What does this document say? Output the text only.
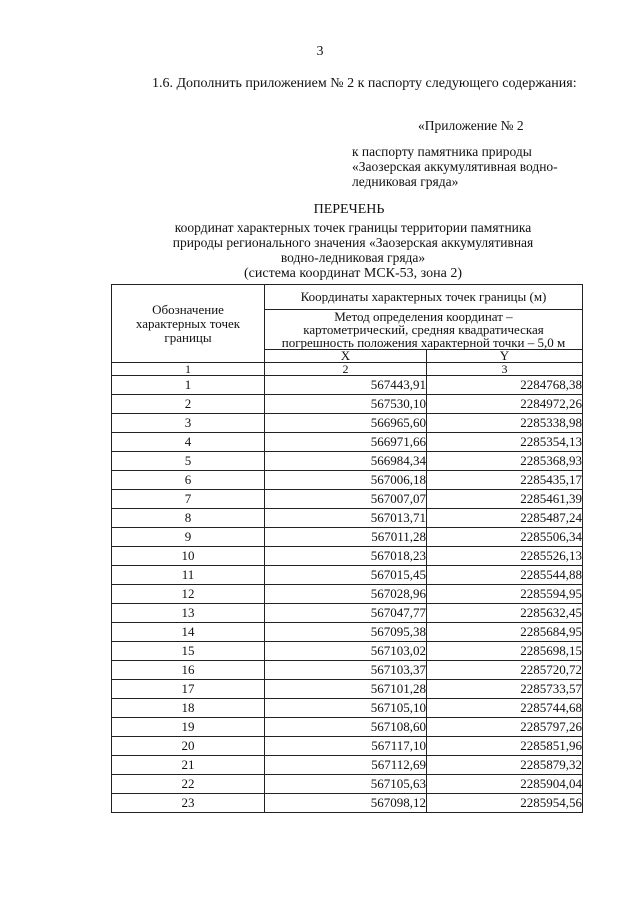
3
1.6. Дополнить приложением № 2 к паспорту следующего содержания:
«Приложение № 2
к паспорту памятника природы
«Заозерская аккумулятивная водно-
ледниковая гряда»
ПЕРЕЧЕНЬ
координат характерных точек границы территории памятника
природы регионального значения «Заозерская аккумулятивная
водно-ледниковая гряда»
(система координат МСК-53, зона 2)
Обозначение
характерных точек
границы	Координаты характерных точек границы (м)	

	Метод определения координат –
картометрический, средняя квадратическая
погрешность положения характерной точки – 5,0 м	

	X	Y
1	2	3
1	567443,91	2284768,38
2	567530,10	2284972,26
3	566965,60	2285338,98
4	566971,66	2285354,13
5	566984,34	2285368,93
6	567006,18	2285435,17
7	567007,07	2285461,39
8	567013,71	2285487,24
9	567011,28	2285506,34
10	567018,23	2285526,13
11	567015,45	2285544,88
12	567028,96	2285594,95
13	567047,77	2285632,45
14	567095,38	2285684,95
15	567103,02	2285698,15
16	567103,37	2285720,72
17	567101,28	2285733,57
18	567105,10	2285744,68
19	567108,60	2285797,26
20	567117,10	2285851,96
21	567112,69	2285879,32
22	567105,63	2285904,04
23	567098,12	2285954,56
